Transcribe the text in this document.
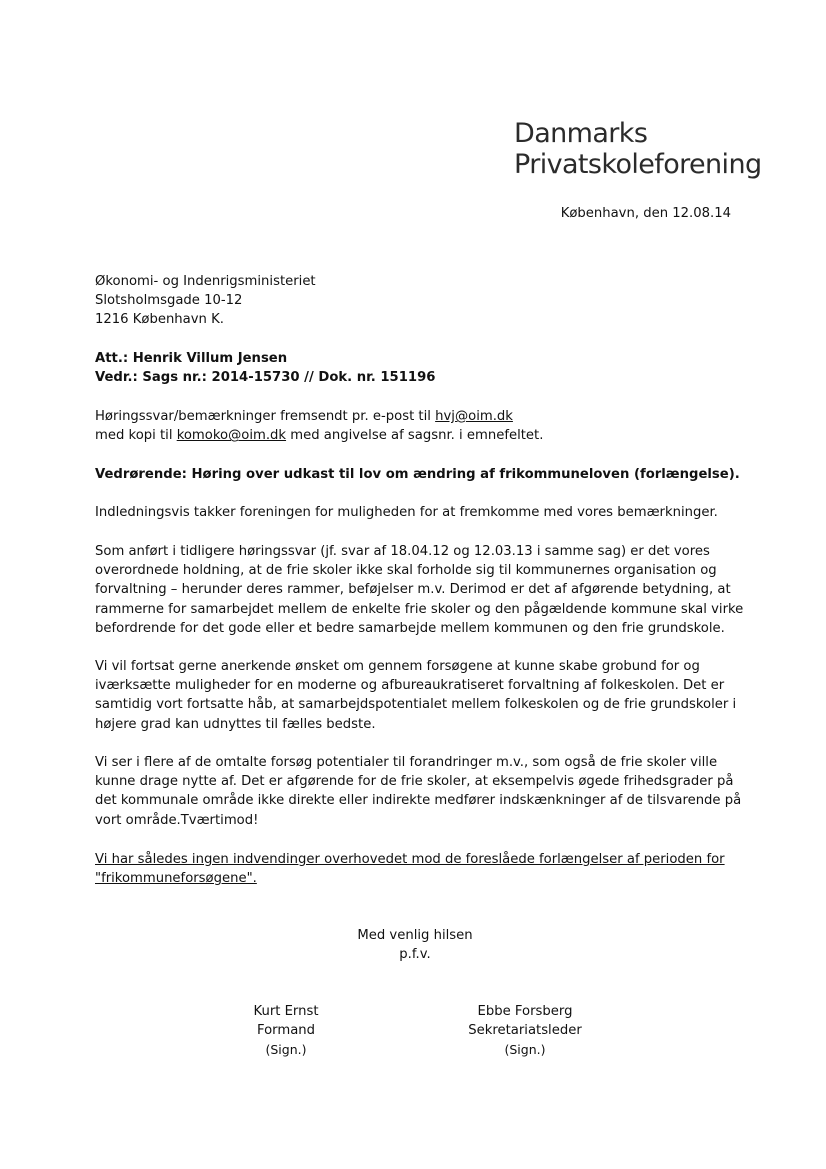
Danmarks
Privatskoleforening
København, den 12.08.14
Økonomi- og Indenrigsministeriet
Slotsholmsgade 10-12
1216 København K.
Att.: Henrik Villum Jensen
Vedr.: Sags nr.: 2014-15730 // Dok. nr. 151196
Høringssvar/bemærkninger fremsendt pr. e-post til hvj@oim.dk
med kopi til komoko@oim.dk med angivelse af sagsnr. i emnefeltet.
Vedrørende: Høring over udkast til lov om ændring af frikommuneloven (forlængelse).
Indledningsvis takker foreningen for muligheden for at fremkomme med vores bemærkninger.
Som anført i tidligere høringssvar (jf. svar af 18.04.12 og 12.03.13 i samme sag) er det vores
overordnede holdning, at de frie skoler ikke skal forholde sig til kommunernes organisation og
forvaltning – herunder deres rammer, beføjelser m.v. Derimod er det af afgørende betydning, at
rammerne for samarbejdet mellem de enkelte frie skoler og den pågældende kommune skal virke
befordrende for det gode eller et bedre samarbejde mellem kommunen og den frie grundskole.
Vi vil fortsat gerne anerkende ønsket om gennem forsøgene at kunne skabe grobund for og
iværksætte muligheder for en moderne og afbureaukratiseret forvaltning af folkeskolen. Det er
samtidig vort fortsatte håb, at samarbejdspotentialet mellem folkeskolen og de frie grundskoler i
højere grad kan udnyttes til fælles bedste.
Vi ser i flere af de omtalte forsøg potentialer til forandringer m.v., som også de frie skoler ville
kunne drage nytte af. Det er afgørende for de frie skoler, at eksempelvis øgede frihedsgrader på
det kommunale område ikke direkte eller indirekte medfører indskænkninger af de tilsvarende på
vort område.Tværtimod!
Vi har således ingen indvendinger overhovedet mod de foreslåede forlængelser af perioden for
"frikommuneforsøgene".
Med venlig hilsen
p.f.v.
Kurt Ernst
Formand
(Sign.)
Ebbe Forsberg
Sekretariatsleder
(Sign.)
